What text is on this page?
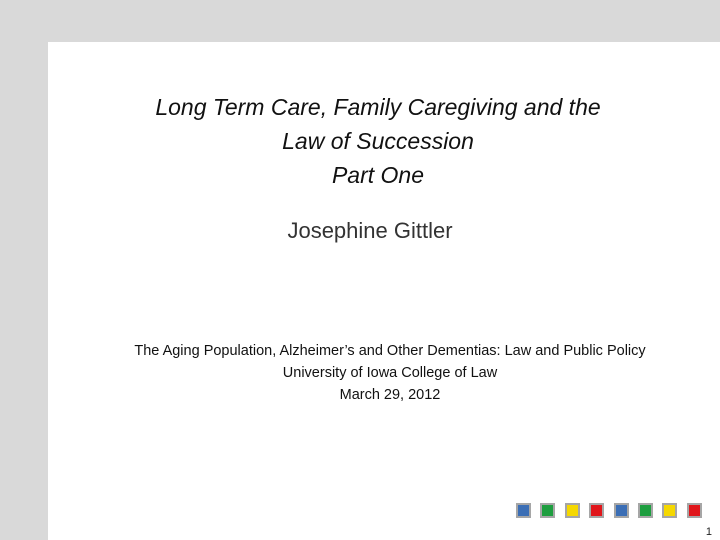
Long Term Care, Family Caregiving and the
Law of Succession
Part One
Josephine Gittler
The Aging Population, Alzheimer’s and Other Dementias: Law and Public Policy
University of Iowa College of Law
March 29, 2012
1
